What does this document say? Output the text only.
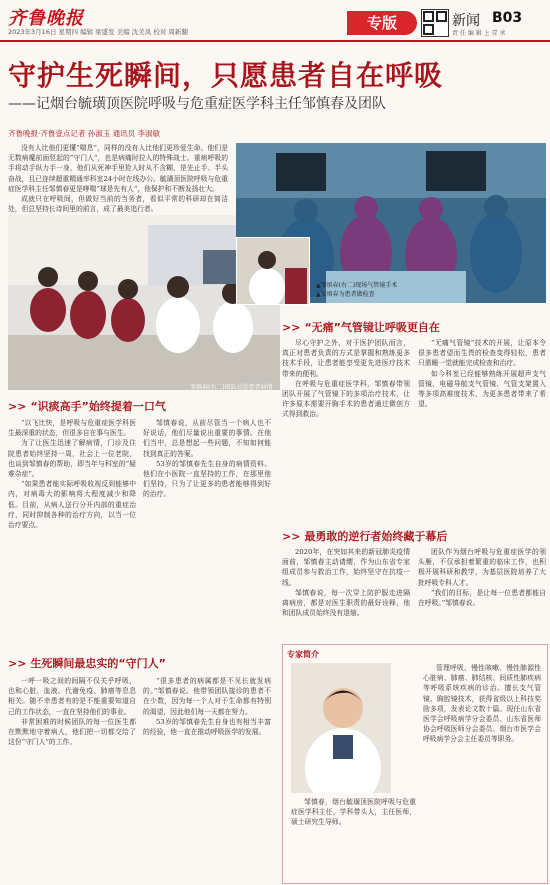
齐鲁晚报
2023年3月16日 星期四 编辑 梁盛发 美编 沈美凤 校对 周新翻	专版	新闻 B03
责 任 编 辑 上 壹 承
守护生死瞬间，只愿患者自在呼吸
——记烟台毓璜顶医院呼吸与危重症医学科主任邹慎春及团队
齐鲁晚报·齐鲁壹点记者 孙淑玉 通讯员 李淑敏

没有人比他们更懂“喘息”，同样的没有人比他们更珍爱生命。他们是无数病魔前面竖起的“守门人”，也是病痛时拉人的特殊战士。重病呼吸的手将动手纵力手一身，他们从死神手里抢人时从不含糊，是先止手、半头奋战，且已连续超重精通率科室24小时在线办公。毓璜顶医院呼吸与危重症医学科主任邹慎春更是哮喘“球是先有人”，他保护和不断发扬壮大。

成就只在呼吸间，但做好当前的当务者，看似平常的科研却在简洁处，但总坚持长诗间里的前言，成了最美追行者。

邹慎春(右二)团队讨论患者病情
▲邹慎春(右二)现场气管镜手术
▲邹慎春为患者做检查
>> “识痰高手”始终提着一口气

“以飞比快，是呼吸与危重症医学科医生最深重的状态，但很多自在事与医生。

为了让医生迅速了解病情，门诊及住院患者始终坚持一周，社会上一位老院，也谈到邹慎春的帮助，即当年与科室的“疑难杂症”。

“如果患者能实际呼吸收视反到能够中内，对病毒大的影响将大程度减少和降低。目前，从病人送行分开内部的重症治疗，同时抑制各种的治疗方向，以当一位治疗要点。

邹慎春说，从前尽管当一个病人也不好说话，他们尽量说出重要的事情。在他们当中，总是想起一些问题，不知如何能找到真正的答案。

53岁的邹慎春先生自身的病情资料。他们在小医院一直坚持的工作，在那里他们坚持，只为了让更多的患者能够得到好的治疗。

>> 生死瞬间最忠实的“守门人”

一呼一吸之间的间隔不仅关乎呼吸，也和心脏、血液、代谢免疫、肺癌等息息相关。随不幸患者有的是不能重要知道自己的工作状态，一直在坚持他们的事业。

非常困难的时候团队的每一位医生都在默默地守着病人，他们把一切都交给了这份“守门人”的工作。

“很多患者的病属都是不见长就发病的。”邹慎春说。他带领团队接诊的患者不在少数，因为每一个人对于生命都有特别的渴望，因此他们每一天都在努力。

53岁的邹慎春先生自身也有相当丰富的经验，他一直在推动呼吸医学的发展。

>> “无痛”气管镜让呼吸更自在

尽心守护之外，对于医护团队而言，真正对患者负责的方式是掌握和熟练更多技术手段，让患者能享受更先进医疗技术带来的便利。

在呼吸与危重症医学科，邹慎春带领团队开展了气管镜下的多项治疗技术，让许多原本需要开胸手术的患者通过微创方式得到救治。

“无痛气管镜”技术的开展，让原本令很多患者望而生畏的检查变得轻松，患者只需睡一觉就能完成检查和治疗。

如今科室已经能够熟练开展超声支气管镜、电磁导航支气管镜、气管支架置入等多项高难度技术，为更多患者带来了希望。

>> 最勇敢的逆行者始终藏于幕后

2020年，在突如其来的新冠肺炎疫情面前，邹慎春主动请缨，作为山东省专家组成员参与救治工作，始终坚守在抗疫一线。

邹慎春说，每一次穿上防护服走进隔离病房，都是对医生职责的最好诠释，他和团队成员始终没有退缩。

团队作为烟台呼吸与危重症医学的领头雁，不仅承担着繁重的临床工作，也积极开展科研和教学，为基层医院培养了大批呼吸专科人才。

“我们的目标，是让每一位患者都能自在呼吸。”邹慎春说。

专家简介

邹慎春，烟台毓璜顶医院呼吸与危重症医学科主任，学科带头人，主任医师，硕士研究生导师。

管理呼吸、慢性咳嗽、慢性肺源性心脏病、肺癌、肺结核、间质性肺疾病等呼吸系统疾病的诊治。擅长支气管镜、胸腔镜技术，获得省级以上科技奖励多项，发表论文数十篇。现任山东省医学会呼吸病学分会委员、山东省医师协会呼吸医师分会委员、烟台市医学会呼吸病学分会主任委员等职务。
